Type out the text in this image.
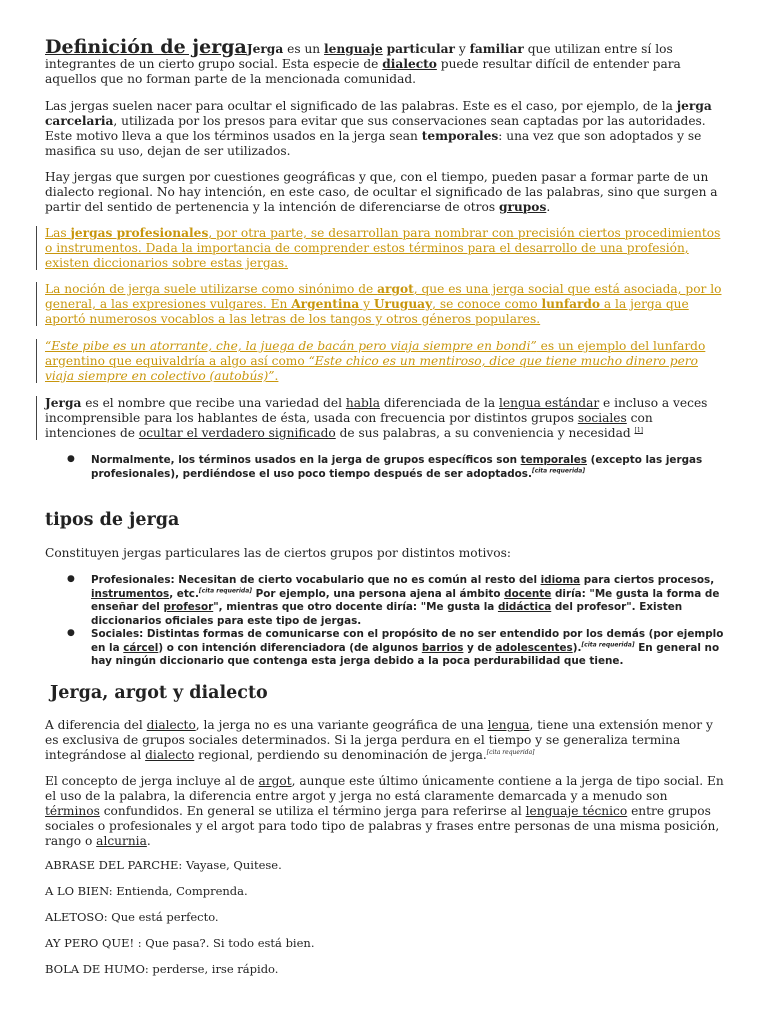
Definición de jergaJerga es un lenguaje particular y familiar que utilizan entre sí los integrantes de un cierto grupo social. Esta especie de dialecto puede resultar difícil de entender para aquellos que no forman parte de la mencionada comunidad.

Las jergas suelen nacer para ocultar el significado de las palabras. Este es el caso, por ejemplo, de la jerga carcelaria, utilizada por los presos para evitar que sus conservaciones sean captadas por las autoridades. Este motivo lleva a que los términos usados en la jerga sean temporales: una vez que son adoptados y se masifica su uso, dejan de ser utilizados.

Hay jergas que surgen por cuestiones geográficas y que, con el tiempo, pueden pasar a formar parte de un dialecto regional. No hay intención, en este caso, de ocultar el significado de las palabras, sino que surgen a partir del sentido de pertenencia y la intención de diferenciarse de otros grupos.

Las jergas profesionales, por otra parte, se desarrollan para nombrar con precisión ciertos procedimientos o instrumentos. Dada la importancia de comprender estos términos para el desarrollo de una profesión, existen diccionarios sobre estas jergas.

La noción de jerga suele utilizarse como sinónimo de argot, que es una jerga social que está asociada, por lo general, a las expresiones vulgares. En Argentina y Uruguay, se conoce como lunfardo a la jerga que aportó numerosos vocablos a las letras de los tangos y otros géneros populares.

“Este pibe es un atorrante, che, la juega de bacán pero viaja siempre en bondi” es un ejemplo del lunfardo argentino que equivaldría a algo así como “Este chico es un mentiroso, dice que tiene mucho dinero pero viaja siempre en colectivo (autobús)”.

Jerga es el nombre que recibe una variedad del habla diferenciada de la lengua estándar e incluso a veces incomprensible para los hablantes de ésta, usada con frecuencia por distintos grupos sociales con intenciones de ocultar el verdadero significado de sus palabras, a su conveniencia y necesidad [1]

● Normalmente, los términos usados en la jerga de grupos específicos son temporales (excepto las jergas profesionales), perdiéndose el uso poco tiempo después de ser adoptados.[cita requerida]

tipos de jerga

Constituyen jergas particulares las de ciertos grupos por distintos motivos:

● Profesionales: Necesitan de cierto vocabulario que no es común al resto del idioma para ciertos procesos, instrumentos, etc.[cita requerida] Por ejemplo, una persona ajena al ámbito docente diría: "Me gusta la forma de enseñar del profesor", mientras que otro docente diría: "Me gusta la didáctica del profesor". Existen diccionarios oficiales para este tipo de jergas.

● Sociales: Distintas formas de comunicarse con el propósito de no ser entendido por los demás (por ejemplo en la cárcel) o con intención diferenciadora (de algunos barrios y de adolescentes).[cita requerida] En general no hay ningún diccionario que contenga esta jerga debido a la poca perdurabilidad que tiene.

Jerga, argot y dialecto

A diferencia del dialecto, la jerga no es una variante geográfica de una lengua, tiene una extensión menor y es exclusiva de grupos sociales determinados. Si la jerga perdura en el tiempo y se generaliza termina integrándose al dialecto regional, perdiendo su denominación de jerga.[cita requerida]

El concepto de jerga incluye al de argot, aunque este último únicamente contiene a la jerga de tipo social. En el uso de la palabra, la diferencia entre argot y jerga no está claramente demarcada y a menudo son términos confundidos. En general se utiliza el término jerga para referirse al lenguaje técnico entre grupos sociales o profesionales y el argot para todo tipo de palabras y frases entre personas de una misma posición, rango o alcurnia.

ABRASE DEL PARCHE: Vayase, Quitese.

A LO BIEN: Entienda, Comprenda.

ALETOSO: Que está perfecto.

AY PERO QUE! : Que pasa?. Si todo está bien.

BOLA DE HUMO: perderse, irse rápido.
